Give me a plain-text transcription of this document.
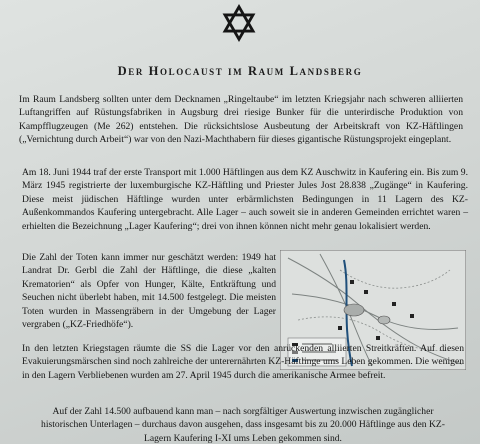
Der Holocaust im Raum Landsberg

Im Raum Landsberg sollten unter dem Decknamen „Ringeltaube“ im letzten Kriegsjahr nach schweren alliierten Luftangriffen auf Rüstungsfabriken in Augsburg drei riesige Bunker für die unterirdische Produktion von Kampfflugzeugen (Me 262) entstehen. Die rücksichtslose Ausbeutung der Arbeitskraft von KZ-Häftlingen („Vernichtung durch Arbeit“) war von den Nazi-Machthabern für dieses gigantische Rüstungsprojekt eingeplant.

Am 18. Juni 1944 traf der erste Transport mit 1.000 Häftlingen aus dem KZ Auschwitz in Kaufering ein. Bis zum 9. März 1945 registrierte der luxemburgische KZ-Häftling und Priester Jules Jost 28.838 „Zugänge“ in Kaufering. Diese meist jüdischen Häftlinge wurden unter erbärmlichsten Bedingungen in 11 Lagern des KZ-Außenkommandos Kaufering untergebracht. Alle Lager – auch soweit sie in anderen Gemeinden errichtet waren – erhielten die Bezeichnung „Lager Kaufering“; drei von ihnen können nicht mehr genau lokalisiert werden.

Die Zahl der Toten kann immer nur geschätzt werden: 1949 hat Landrat Dr. Gerbl die Zahl der Häftlinge, die diese „kalten Krematorien“ als Opfer von Hunger, Kälte, Entkräftung und Seuchen nicht überlebt haben, mit 14.500 festgelegt. Die meisten Toten wurden in Massengräbern in der Umgebung der Lager vergraben („KZ-Friedhöfe“).

In den letzten Kriegstagen räumte die SS die Lager vor den anrückenden alliierten Streitkräften. Auf diesen Evakuierungsmärschen sind noch zahlreiche der unterernährten KZ-Häftlinge ums Leben gekommen. Die wenigen in den Lagern Verbliebenen wurden am 27. April 1945 durch die amerikanische Armee befreit.

Auf der Zahl 14.500 aufbauend kann man – nach sorgfältiger Auswertung inzwischen zugänglicher historischen Unterlagen – durchaus davon ausgehen, dass insgesamt bis zu 20.000 Häftlinge aus den KZ-Lagern Kaufering I-XI ums Leben gekommen sind.
